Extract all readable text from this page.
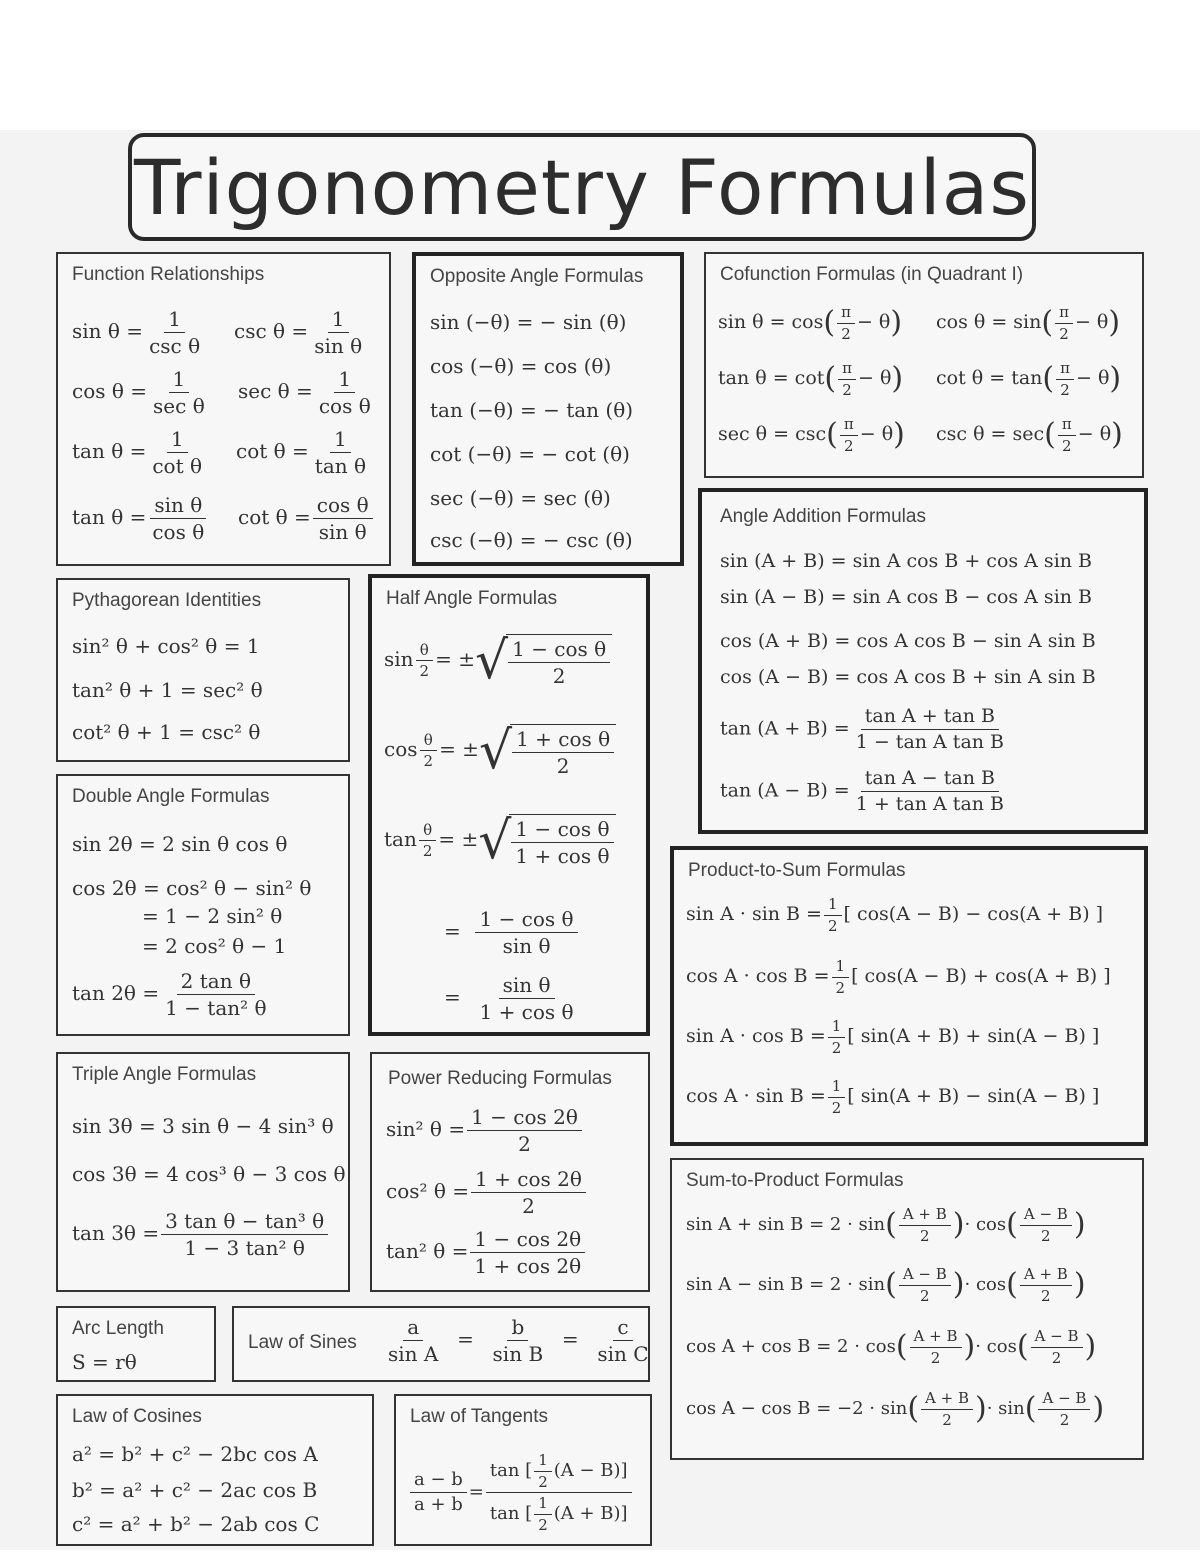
Trigonometry Formulas
Function Relationships
$\sin \theta = \frac{1}{\text{csc θ}}$ $\csc \theta = \frac{1}{\text{sin θ}}$
$\cos \theta = \frac{1}{\text{sec θ}}$ $\sec \theta = \frac{1}{\text{cos θ}}$
$\tan \theta = \frac{1}{\text{cot θ}}$ $\cot \theta = \frac{1}{\text{tan θ}}$
$\tan \theta = \frac{\text{sin θ}}{\text{cos θ}}$ $\cot \theta = \frac{\text{cos θ}}{\text{sin θ}}$
Opposite Angle Formulas
sin (−θ) = − sin (θ)
cos (−θ) = cos (θ)
tan (−θ) = − tan (θ)
cot (−θ) = − cot (θ)
sec (−θ) = sec (θ)
csc (−θ) = − csc (θ)
Cofunction Formulas (in Quadrant I)
$\sin \theta = \cos( \frac{\pi}{2} - \theta)$ $\cos \theta = \sin( \frac{\pi}{2} - \theta)$
$\tan \theta = \cot( \frac{\pi}{2} - \theta)$ $\cot \theta = \tan( \frac{\pi}{2} - \theta)$
$\sec \theta = \csc( \frac{\pi}{2} - \theta)$ $\csc \theta = \sec( \frac{\pi}{2} - \theta)$
Angle Addition Formulas
sin (A + B) = sin A cos B + cos A sin B
sin (A − B) = sin A cos B − cos A sin B
cos (A + B) = cos A cos B − sin A sin B
cos (A − B) = cos A cos B + sin A sin B
$\tan (A + B) = \frac{\text{tan A + tan B}}{\text{1 − tan A tan B}}$
$\tan (A - B) = \frac{\text{tan A − tan B}}{\text{1 + tan A tan B}}$
Pythagorean Identities
sin² θ + cos² θ = 1
tan² θ + 1 = sec² θ
cot² θ + 1 = csc² θ
Half Angle Formulas
$\sin \frac{\theta}{2}$ = ± √ $\frac{\text{1 − cos θ}}{2}$
$\cos \frac{\theta}{2}$ = ± √ $\frac{\text{1 + cos θ}}{2}$
$\tan \frac{\theta}{2}$ = ± √ $\frac{\text{1 − cos θ}}{\text{1 + cos θ}}$
= $\frac{\text{1 − cos θ}}{\text{sin θ}}$
= $\frac{\text{sin θ}}{\text{1 + cos θ}}$
Double Angle Formulas
sin 2θ = 2 sin θ cos θ
cos 2θ = cos² θ − sin² θ
= 1 − 2 sin² θ
= 2 cos² θ − 1
$\tan 2\theta = \frac{\text{2 tan θ}}{\text{1 − tan² θ}}$
Product-to-Sum Formulas
$\sin A \cdot \sin B = \frac{1}{2}$ [ cos(A − B) − cos(A + B) ]
$\cos A \cdot \cos B = \frac{1}{2}$ [ cos(A − B) + cos(A + B) ]
$\sin A \cdot \cos B = \frac{1}{2}$ [ sin(A + B) + sin(A − B) ]
$\cos A \cdot \sin B = \frac{1}{2}$ [ sin(A + B) − sin(A − B) ]
Triple Angle Formulas
sin 3θ = 3 sin θ − 4 sin³ θ
cos 3θ = 4 cos³ θ − 3 cos θ
$\tan 3\theta = \frac{\text{3 tan θ − tan³ θ}}{\text{1 − 3 tan² θ}}$
Power Reducing Formulas
sin² $\theta = \frac{1 - \cos 2\theta}{2}$
cos² $\theta = \frac{1 + \cos 2\theta}{2}$
tan² $\theta = \frac{1 - \cos 2\theta}{1 + \cos 2\theta}$
Sum-to-Product Formulas
$\sin A + \sin B = 2 \cdot \sin( \frac{A + B}{2}$ )· $\cos( \frac{A - B}{2}$ )
$\sin A - \sin B = 2 \cdot \sin( \frac{A - B}{2}$ )· $\cos( \frac{A + B}{2}$ )
$\cos A + \cos B = 2 \cdot \cos( \frac{A + B}{2}$ )· $\cos( \frac{A - B}{2}$ )
$\cos A - \cos B = -2 \cdot \sin( \frac{A + B}{2}$ )· $\sin( \frac{A - B}{2}$ )
Arc Length
S = rθ
Law of Sines $\frac{a}{\text{sin A}} = \frac{b}{\text{sin B}} = \frac{c}{\text{sin C}}$
Law of Cosines
a² = b² + c² − 2bc cos A
b² = a² + c² − 2ac cos B
c² = a² + b² − 2ab cos C
Law of Tangents
$\frac{a - b}{a + b} = \frac{\tan [ \frac{1}{2} (A - B)]}{\tan [ \frac{1}{2} (A + B)]}$
